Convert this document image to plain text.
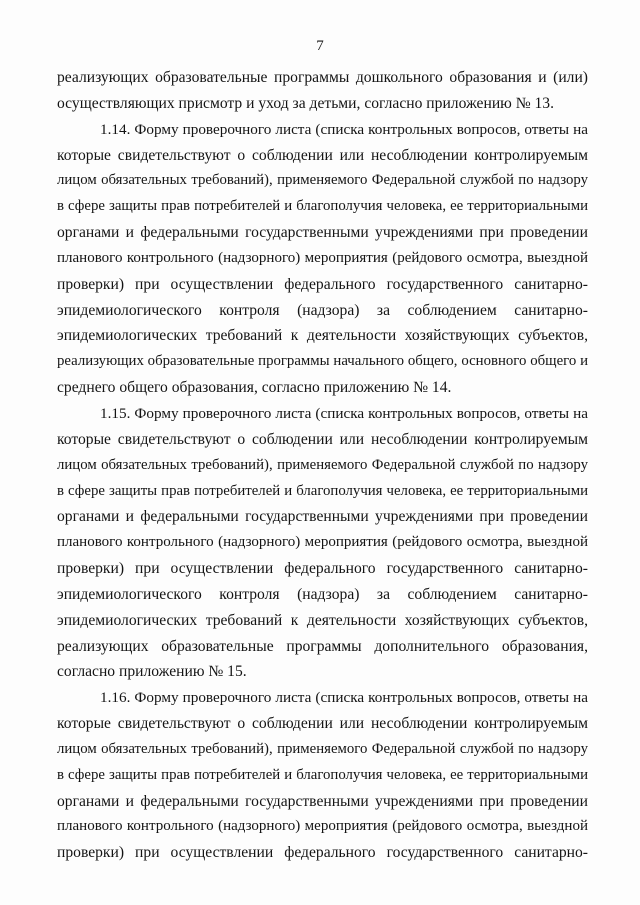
7
реализующих образовательные программы дошкольного образования и (или)
осуществляющих присмотр и уход за детьми, согласно приложению № 13.
1.14. Форму проверочного листа (списка контрольных вопросов, ответы на
которые свидетельствуют о соблюдении или несоблюдении контролируемым
лицом обязательных требований), применяемого Федеральной службой по надзору
в сфере защиты прав потребителей и благополучия человека, ее территориальными
органами и федеральными государственными учреждениями при проведении
планового контрольного (надзорного) мероприятия (рейдового осмотра, выездной
проверки) при осуществлении федерального государственного санитарно-
эпидемиологического контроля (надзора) за соблюдением санитарно-
эпидемиологических требований к деятельности хозяйствующих субъектов,
реализующих образовательные программы начального общего, основного общего и
среднего общего образования, согласно приложению № 14.
1.15. Форму проверочного листа (списка контрольных вопросов, ответы на
которые свидетельствуют о соблюдении или несоблюдении контролируемым
лицом обязательных требований), применяемого Федеральной службой по надзору
в сфере защиты прав потребителей и благополучия человека, ее территориальными
органами и федеральными государственными учреждениями при проведении
планового контрольного (надзорного) мероприятия (рейдового осмотра, выездной
проверки) при осуществлении федерального государственного санитарно-
эпидемиологического контроля (надзора) за соблюдением санитарно-
эпидемиологических требований к деятельности хозяйствующих субъектов,
реализующих образовательные программы дополнительного образования,
согласно приложению № 15.
1.16. Форму проверочного листа (списка контрольных вопросов, ответы на
которые свидетельствуют о соблюдении или несоблюдении контролируемым
лицом обязательных требований), применяемого Федеральной службой по надзору
в сфере защиты прав потребителей и благополучия человека, ее территориальными
органами и федеральными государственными учреждениями при проведении
планового контрольного (надзорного) мероприятия (рейдового осмотра, выездной
проверки) при осуществлении федерального государственного санитарно-
